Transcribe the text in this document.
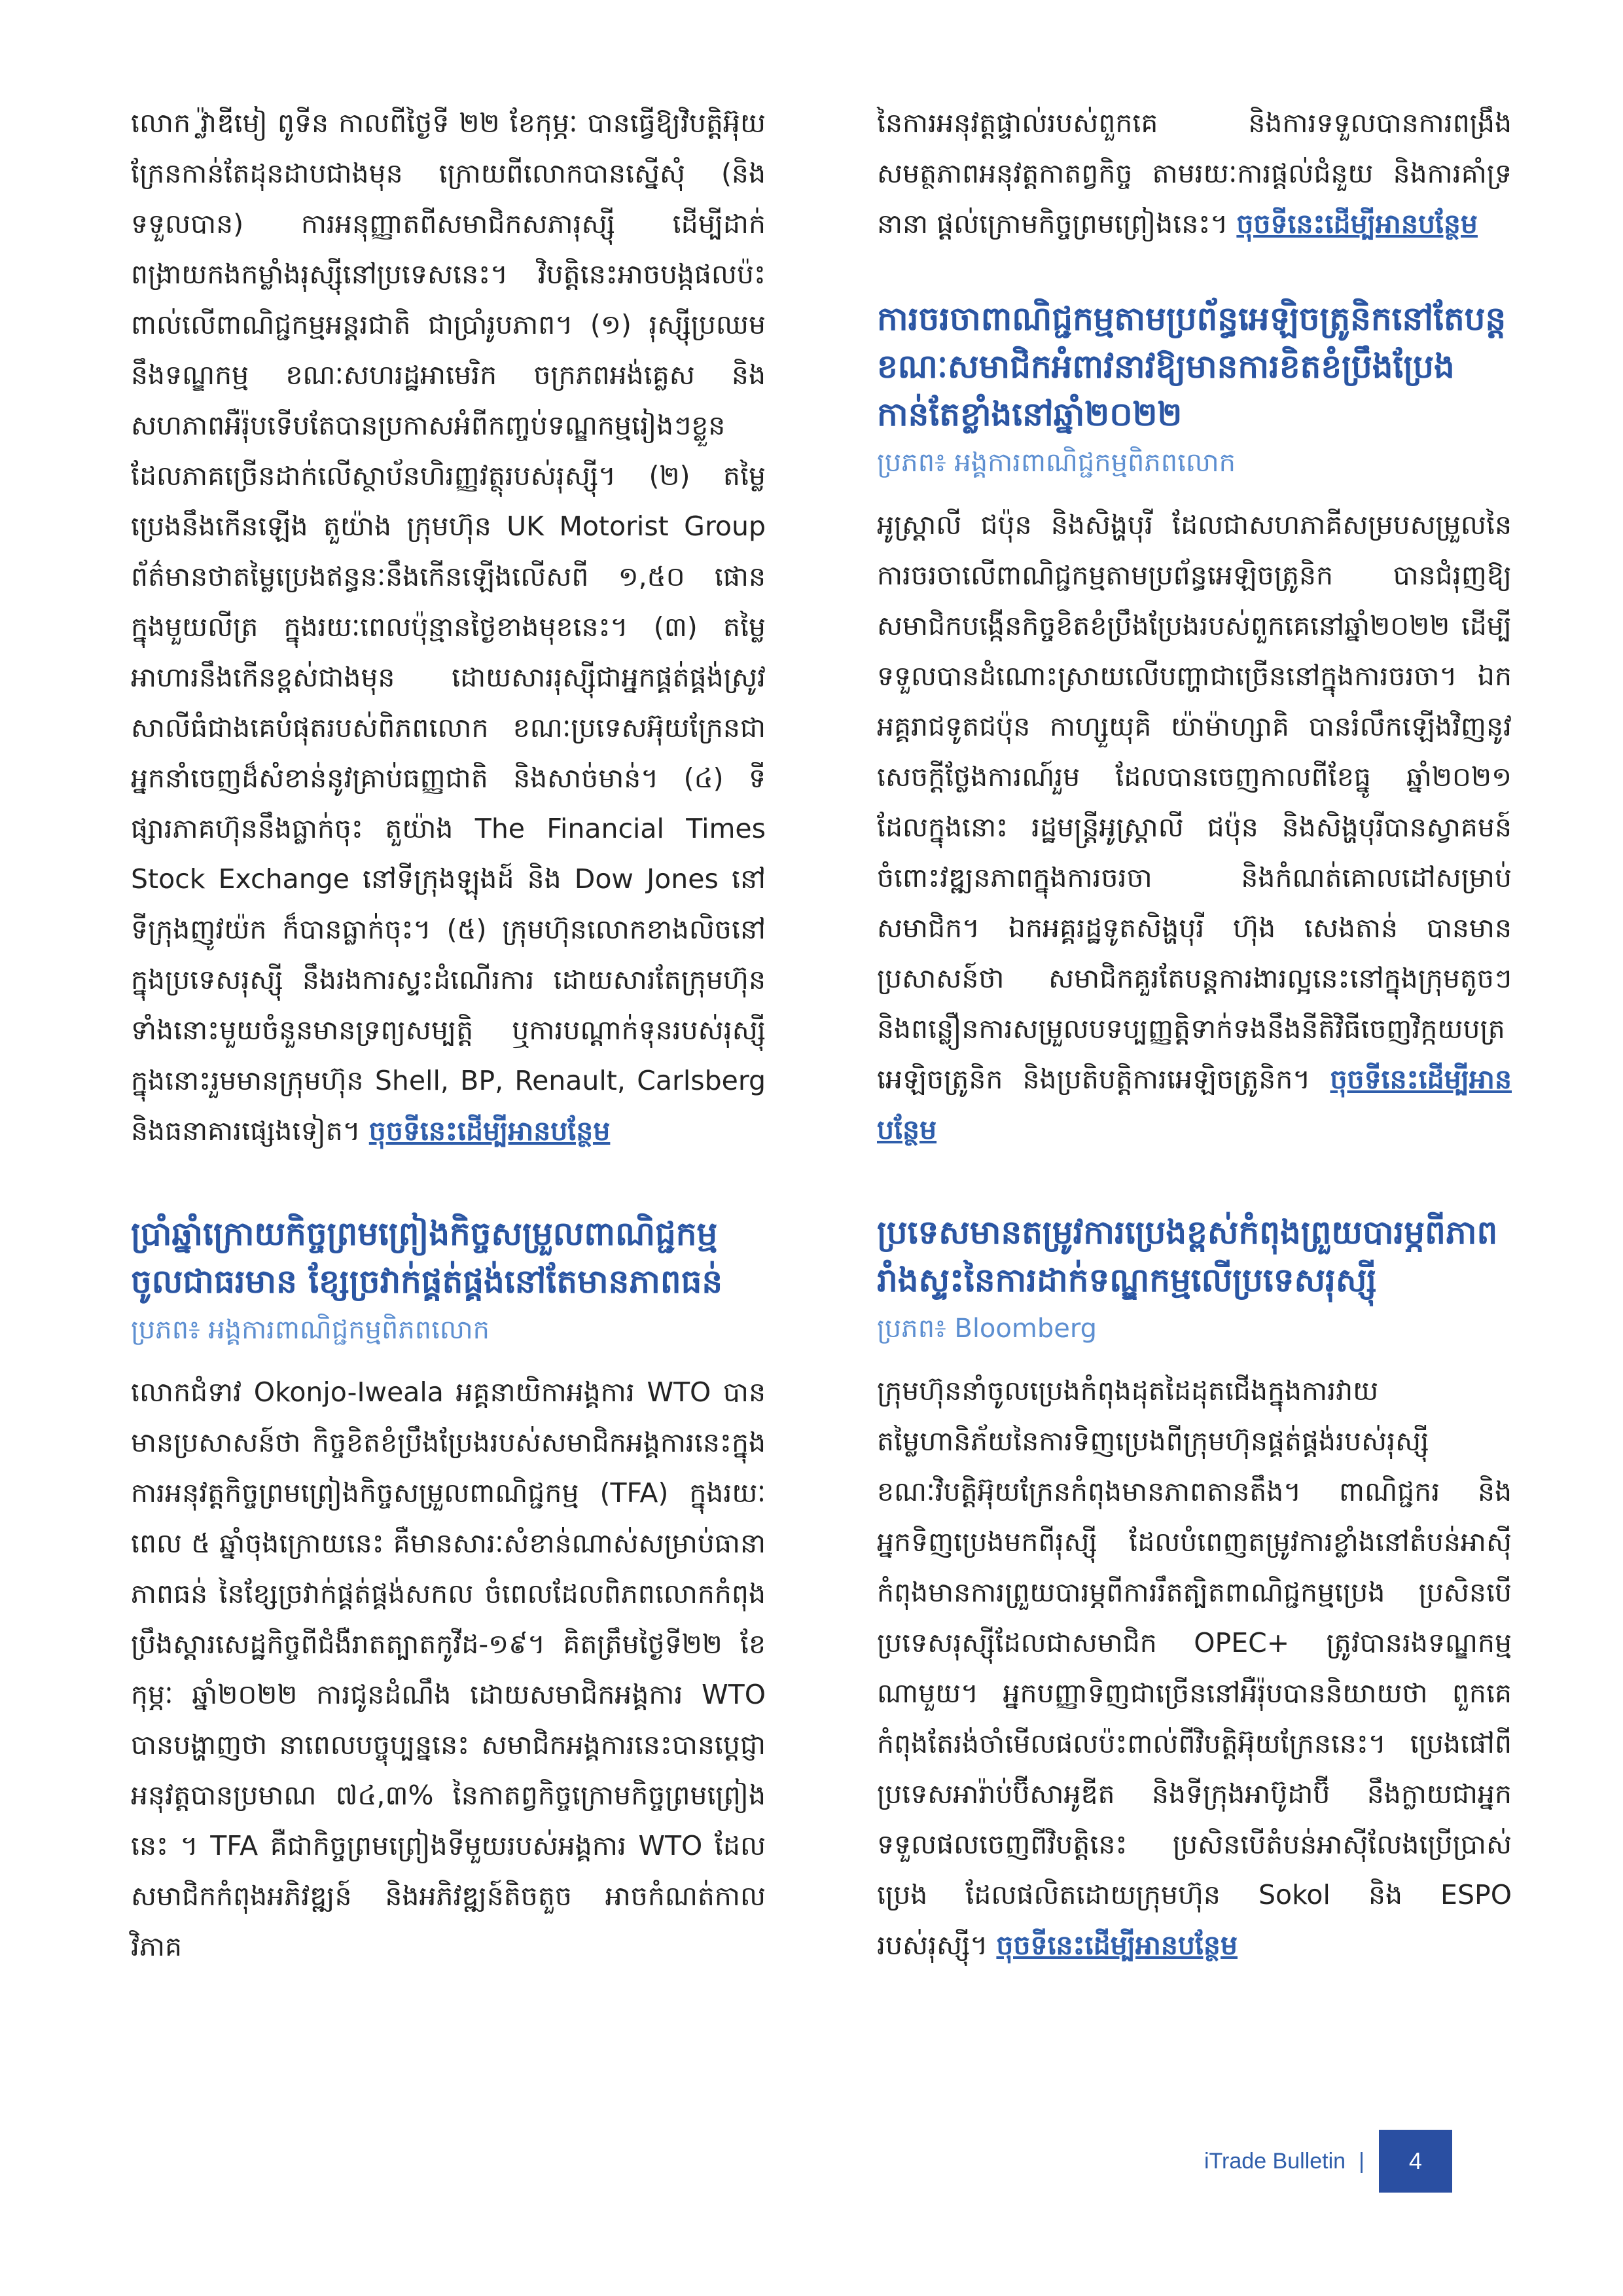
លោក វ្ល៉ាឌីមៀ ពូទីន កាលពីថ្ងៃទី ២២ ខែកុម្ភៈ បានធ្វើឱ្យវិបត្តិអ៊ុយក្រែនកាន់តែដុនដាបជាងមុន ក្រោយពីលោកបានស្នើសុំ (និងទទួលបាន) ការអនុញ្ញាតពីសមាជិកសភារុស្ស៊ី ដើម្បីដាក់ពង្រាយកងកម្លាំងរុស្ស៊ីនៅប្រទេសនេះ។ វិបត្តិនេះអាចបង្កផលប៉ះពាល់លើពាណិជ្ជកម្មអន្តរជាតិ ជាប្រាំរូបភាព។ (១) រុស្ស៊ីប្រឈមនឹងទណ្ឌកម្ម ខណៈសហរដ្ឋអាមេរិក ចក្រភពអង់គ្លេស និងសហភាពអឺរ៉ុបទើបតែបានប្រកាសអំពីកញ្ចប់ទណ្ឌកម្មរៀងៗខ្លួន ដែលភាគច្រើនដាក់លើស្ថាប័នហិរញ្ញវត្ថុរបស់រុស្ស៊ី។ (២) តម្លៃប្រេងនឹងកើនឡើង តួយ៉ាង ក្រុមហ៊ុន UK Motorist Group ព័ត៌មានថាតម្លៃប្រេងឥន្ធនៈនឹងកើនឡើងលើសពី ១,៥០ ផោន ក្នុងមួយលីត្រ ក្នុងរយៈពេលប៉ុន្មានថ្ងៃខាងមុខនេះ។ (៣) តម្លៃអាហារនឹងកើនខ្ពស់ជាងមុន ដោយសាររុស្ស៊ីជាអ្នកផ្គត់ផ្គង់ស្រូវសាលីធំជាងគេបំផុតរបស់ពិភពលោក ខណៈប្រទេសអ៊ុយក្រែនជាអ្នកនាំចេញដ៏សំខាន់នូវគ្រាប់ធញ្ញជាតិ និងសាច់មាន់។ (៤) ទីផ្សារភាគហ៊ុននឹងធ្លាក់ចុះ តួយ៉ាង The Financial Times Stock Exchange នៅទីក្រុងឡុងដ៍ និង Dow Jones នៅទីក្រុងញូវយ៉ក ក៏បានធ្លាក់ចុះ។ (៥) ក្រុមហ៊ុនលោកខាងលិចនៅក្នុងប្រទេសរុស្ស៊ី នឹងរងការស្ទះដំណើរការ ដោយសារតែក្រុមហ៊ុនទាំងនោះមួយចំនួនមានទ្រព្យសម្បត្តិ ឬការបណ្តាក់ទុនរបស់រុស្ស៊ី ក្នុងនោះរួមមានក្រុមហ៊ុន Shell, BP, Renault, Carlsberg និងធនាគារផ្សេងទៀត។ ចុចទីនេះដើម្បីអានបន្ថែម

ប្រាំឆ្នាំក្រោយកិច្ចព្រមព្រៀងកិច្ចសម្រួលពាណិជ្ជកម្មចូលជាធរមាន ខ្សែច្រវាក់ផ្គត់ផ្គង់នៅតែមានភាពធន់

ប្រភព៖ អង្គការពាណិជ្ជកម្មពិភពលោក

លោកជំទាវ Okonjo-Iweala អគ្គនាយិកាអង្គការ WTO បានមានប្រសាសន៍ថា កិច្ចខិតខំប្រឹងប្រែងរបស់សមាជិកអង្គការនេះក្នុងការអនុវត្តកិច្ចព្រមព្រៀងកិច្ចសម្រួលពាណិជ្ជកម្ម (TFA) ក្នុងរយៈពេល ៥ ឆ្នាំចុងក្រោយនេះ គឺមានសារៈសំខាន់ណាស់សម្រាប់ធានាភាពធន់ នៃខ្សែច្រវាក់ផ្គត់ផ្គង់សកល ចំពេលដែលពិភពលោកកំពុងប្រឹងស្តារសេដ្ឋកិច្ចពីជំងឺរាតត្បាតកូវីដ-១៩។ គិតត្រឹមថ្ងៃទី២២ ខែកុម្ភៈ ឆ្នាំ២០២២ ការជូនដំណឹង ដោយសមាជិកអង្គការ WTO បានបង្ហាញថា នាពេលបច្ចុប្បន្ននេះ សមាជិកអង្គការនេះបានប្តេជ្ញាអនុវត្តបានប្រមាណ ៧៤,៣% នៃកាតព្វកិច្ចក្រោមកិច្ចព្រមព្រៀងនេះ ។ TFA គឺជាកិច្ចព្រមព្រៀងទីមួយរបស់អង្គការ WTO ដែលសមាជិកកំពុងអភិវឌ្ឍន៍ និងអភិវឌ្ឍន៍តិចតួច អាចកំណត់កាលវិភាគ

នៃការអនុវត្តផ្ទាល់របស់ពួកគេ និងការទទួលបានការពង្រឹងសមត្ថភាពអនុវត្តកាតព្វកិច្ច តាមរយៈការផ្តល់ជំនួយ និងការគាំទ្រនានា ផ្តល់ក្រោមកិច្ចព្រមព្រៀងនេះ។ ចុចទីនេះដើម្បីអានបន្ថែម

ការចរចាពាណិជ្ជកម្មតាមប្រព័ន្ធអេឡិចត្រូនិកនៅតែបន្ត ខណៈសមាជិកអំពាវនាវឱ្យមានការខិតខំប្រឹងប្រែងកាន់តែខ្លាំងនៅឆ្នាំ២០២២

ប្រភព៖ អង្គការពាណិជ្ជកម្មពិភពលោក

អូស្ត្រាលី ជប៉ុន និងសិង្ហបុរី ដែលជាសហភាគីសម្របសម្រួលនៃការចរចាលើពាណិជ្ជកម្មតាមប្រព័ន្ធអេឡិចត្រូនិក បានជំរុញឱ្យសមាជិកបង្កើនកិច្ចខិតខំប្រឹងប្រែងរបស់ពួកគេនៅឆ្នាំ២០២២ ដើម្បីទទួលបានដំណោះស្រាយលើបញ្ហាជាច្រើននៅក្នុងការចរចា។ ឯកអគ្គរាជទូតជប៉ុន កាហ្សួយុគិ យ៉ាម៉ាហ្សាគិ បានរំលឹកឡើងវិញនូវសេចក្តីថ្លែងការណ៍រួម ដែលបានចេញកាលពីខែធ្នូ ឆ្នាំ២០២១ ដែលក្នុងនោះ រដ្ឋមន្ត្រីអូស្ត្រាលី ជប៉ុន និងសិង្ហបុរីបានស្វាគមន៍ចំពោះវឌ្ឍនភាពក្នុងការចរចា និងកំណត់គោលដៅសម្រាប់សមាជិក។ ឯកអគ្គរដ្ឋទូតសិង្ហបុរី ហ៊ុង សេងតាន់ បានមានប្រសាសន៍ថា សមាជិកគួរតែបន្តការងារល្អនេះនៅក្នុងក្រុមតូចៗ និងពន្លឿនការសម្រួលបទប្បញ្ញត្តិទាក់ទងនឹងនីតិវិធីចេញវិក្កយបត្រអេឡិចត្រូនិក និងប្រតិបត្តិការអេឡិចត្រូនិក។ ចុចទីនេះដើម្បីអានបន្ថែម

ប្រទេសមានតម្រូវការប្រេងខ្ពស់កំពុងព្រួយបារម្ភពីភាពរាំងស្ទះនៃការដាក់ទណ្ឌកម្មលើប្រទេសរុស្ស៊ី

ប្រភព៖ Bloomberg

ក្រុមហ៊ុននាំចូលប្រេងកំពុងដុតដៃដុតជើងក្នុងការវាយតម្លៃហានិភ័យនៃការទិញប្រេងពីក្រុមហ៊ុនផ្គត់ផ្គង់របស់រុស្ស៊ី ខណៈវិបត្តិអ៊ុយក្រែនកំពុងមានភាពតានតឹង។ ពាណិជ្ជករ និងអ្នកទិញប្រេងមកពីរុស្ស៊ី ដែលបំពេញតម្រូវការខ្លាំងនៅតំបន់អាស៊ី កំពុងមានការព្រួយបារម្ភពីការរឹតត្បិតពាណិជ្ជកម្មប្រេង ប្រសិនបើប្រទេសរុស្ស៊ីដែលជាសមាជិក OPEC+ ត្រូវបានរងទណ្ឌកម្មណាមួយ។ អ្នកបញ្ញាទិញជាច្រើននៅអឺរ៉ុបបាននិយាយថា ពួកគេកំពុងតែរង់ចាំមើលផលប៉ះពាល់ពីវិបត្តិអ៊ុយក្រែននេះ។ ប្រេងផៅពីប្រទេសអារ៉ាប់ប៊ីសាអូឌីត និងទីក្រុងអាប៊ូដាប៊ី នឹងក្លាយជាអ្នកទទួលផលចេញពីវិបត្តិនេះ ប្រសិនបើតំបន់អាស៊ីលែងប្រើប្រាស់ប្រេង ដែលផលិតដោយក្រុមហ៊ុន Sokol និង ESPO របស់រុស្ស៊ី។ ចុចទីនេះដើម្បីអានបន្ថែម

iTrade Bulletin | 4
